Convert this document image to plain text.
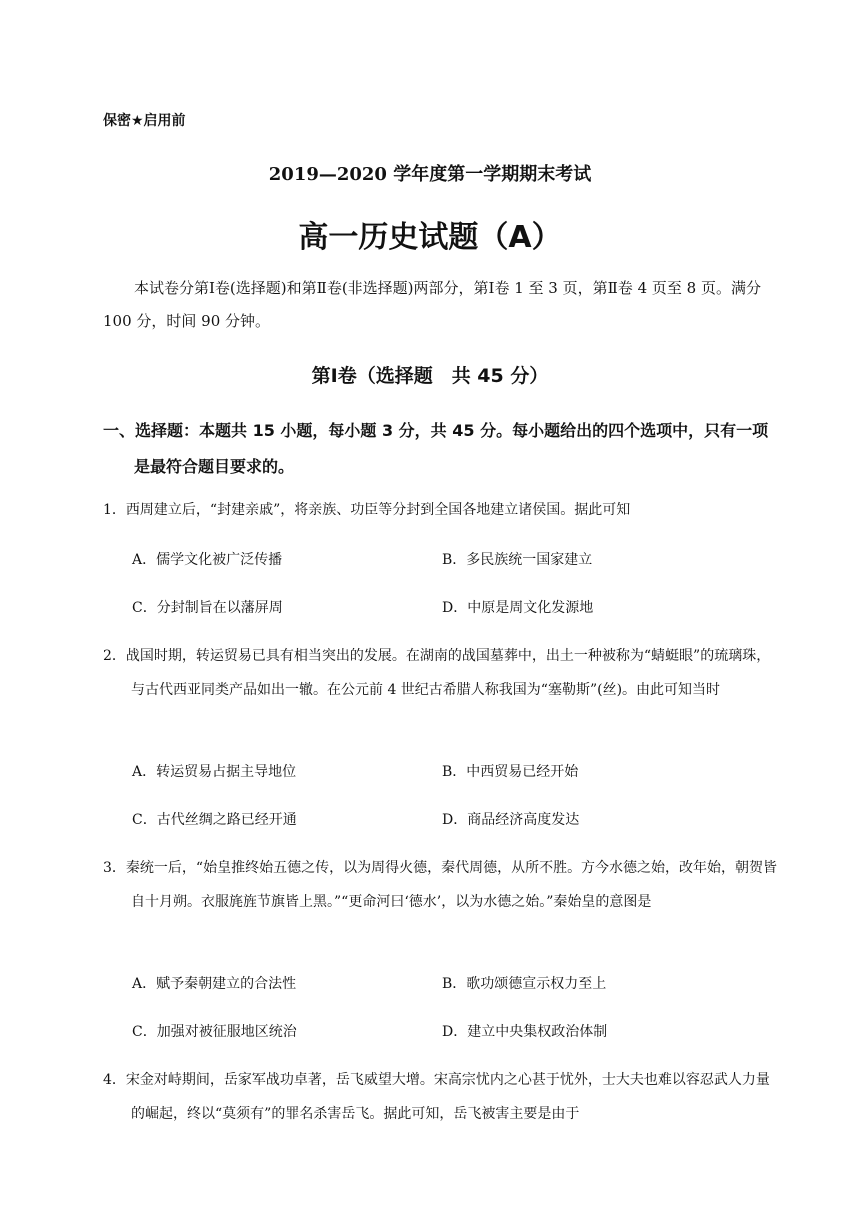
保密★启用前
2019—2020 学年度第一学期期末考试
高一历史试题（A）
本试卷分第Ⅰ卷(选择题)和第Ⅱ卷(非选择题)两部分，第Ⅰ卷 1 至 3 页，第Ⅱ卷 4 页至 8 页。满分 100 分，时间 90 分钟。
第Ⅰ卷（选择题　共 45 分）
一、选择题：本题共 15 小题，每小题 3 分，共 45 分。每小题给出的四个选项中，只有一项是最符合题目要求的。
1．西周建立后，“封建亲戚”，将亲族、功臣等分封到全国各地建立诸侯国。据此可知
A．儒学文化被广泛传播	B．多民族统一国家建立
C．分封制旨在以藩屏周	D．中原是周文化发源地
2．战国时期，转运贸易已具有相当突出的发展。在湖南的战国墓葬中，出土一种被称为“蜻蜓眼”的琉璃珠，与古代西亚同类产品如出一辙。在公元前 4 世纪古希腊人称我国为“塞勒斯”(丝)。由此可知当时
A．转运贸易占据主导地位	B．中西贸易已经开始
C．古代丝绸之路已经开通	D．商品经济高度发达
3．秦统一后，“始皇推终始五德之传，以为周得火德，秦代周德，从所不胜。方今水德之始，改年始，朝贺皆自十月朔。衣服旄旌节旗皆上黑。”“更命河曰‘德水’，以为水德之始。”秦始皇的意图是
A．赋予秦朝建立的合法性	B．歌功颂德宣示权力至上
C．加强对被征服地区统治	D．建立中央集权政治体制
4．宋金对峙期间，岳家军战功卓著，岳飞威望大增。宋高宗忧内之心甚于忧外，士大夫也难以容忍武人力量的崛起，终以“莫须有”的罪名杀害岳飞。据此可知，岳飞被害主要是由于
